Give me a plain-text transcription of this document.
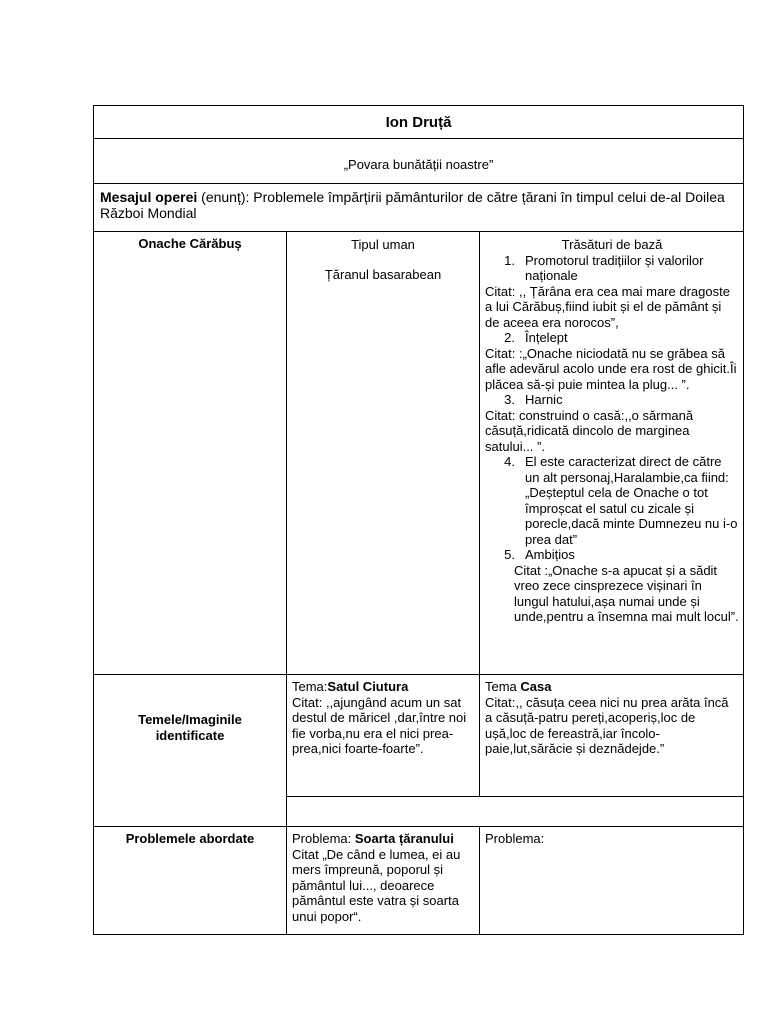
Ion Druță
„Povara bunătății noastre”
Mesajul operei (enunț): Problemele împărțirii pământurilor de către țărani în timpul celui de-al Doilea Război Mondial
Onache Cărăbuș	Tipul uman
Țăranul basarabean
Trăsături de bază
1. Promotorul tradițiilor și valorilor naționale
Citat: ,, Țărâna era cea mai mare dragoste a lui Cărăbuș,fiind iubit și el de pământ și de aceea era norocos”,
2. Înțelept
Citat: :„Onache niciodată nu se grăbea să afle adevărul acolo unde era rost de ghicit.Îi plăcea să-și puie mintea la plug... ”.
3. Harnic
Citat: construind o casă:,,o sărmană căsuță,ridicată dincolo de marginea satului... ”.
4. El este caracterizat direct de către un alt personaj,Haralambie,ca fiind: „Deșteptul cela de Onache o tot împroșcat el satul cu zicale și porecle,dacă minte Dumnezeu nu i-o prea dat”
5. Ambițios
Citat :„Onache s-a apucat și a sădit vreo zece cinsprezece vișinari în lungul hatului,așa numai unde și unde,pentru a însemna mai mult locul”.
Temele/Imaginile identificate
Tema:Satul Ciutura
Citat: ,,ajungând acum un sat destul de măricel ,dar,între noi fie vorba,nu era el nici prea-prea,nici foarte-foarte”.
Tema Casa
Citat:,, căsuța ceea nici nu prea arăta încă a căsuță-patru pereți,acoperiș,loc de ușă,loc de fereastră,iar încolo-paie,lut,sărăcie și deznădejde.”
Problemele abordate	Problema: Soarta țăranului
Citat „De când e lumea, ei au mers împreună, poporul și pământul lui..., deoarece pământul este vatra și soarta unui popor“.
Problema:
